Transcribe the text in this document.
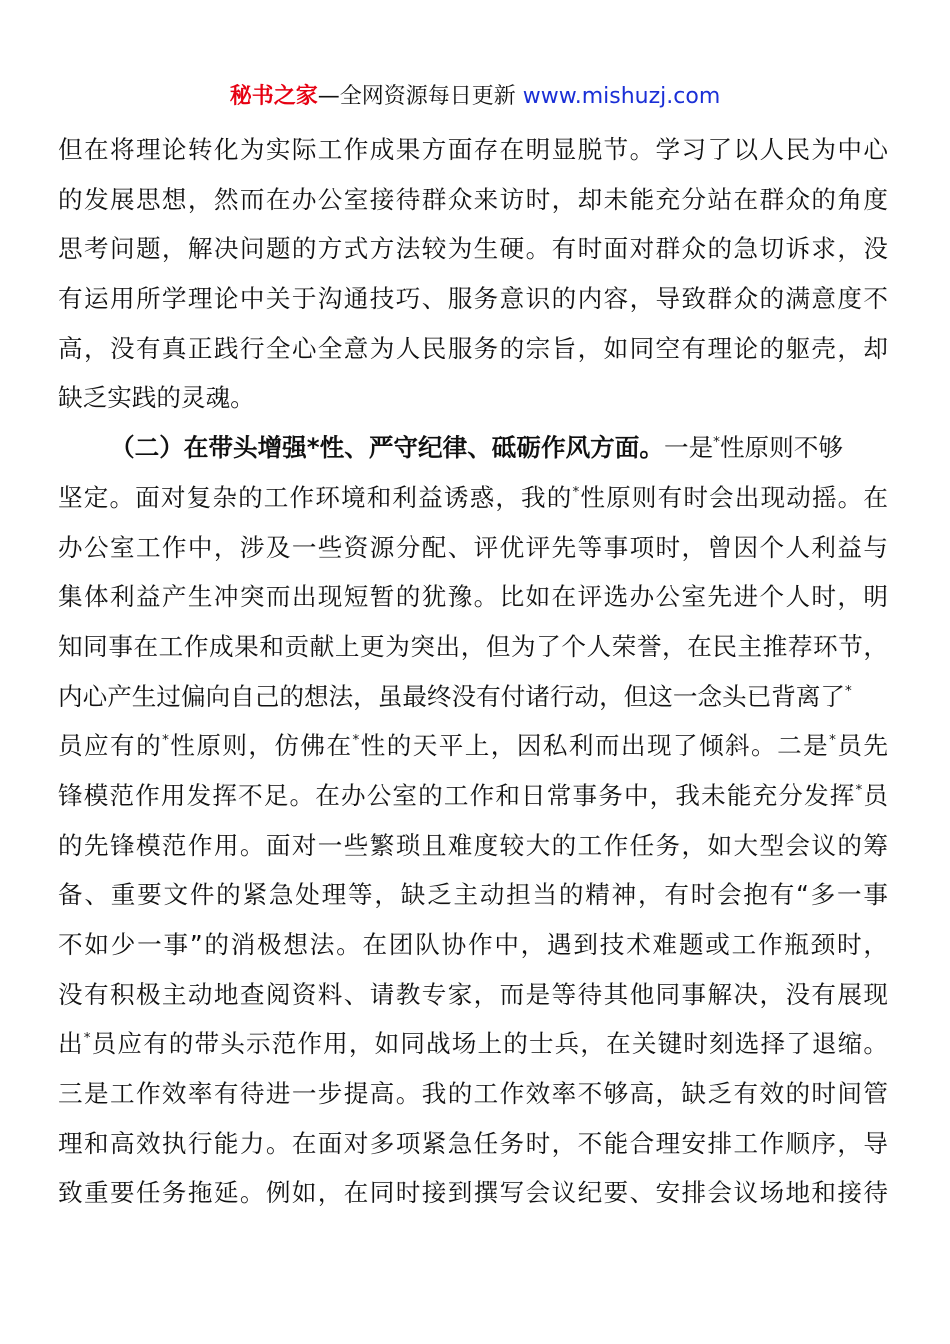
秘书之家—全网资源每日更新 www.mishuzj.com
但在将理论转化为实际工作成果方面存在明显脱节。学习了以人民为中心
的发展思想，然而在办公室接待群众来访时，却未能充分站在群众的角度
思考问题，解决问题的方式方法较为生硬。有时面对群众的急切诉求，没
有运用所学理论中关于沟通技巧、服务意识的内容，导致群众的满意度不
高，没有真正践行全心全意为人民服务的宗旨，如同空有理论的躯壳，却
缺乏实践的灵魂。
（二）在带头增强*性、严守纪律、砥砺作风方面。一是*性原则不够
坚定。面对复杂的工作环境和利益诱惑，我的*性原则有时会出现动摇。在
办公室工作中，涉及一些资源分配、评优评先等事项时，曾因个人利益与
集体利益产生冲突而出现短暂的犹豫。比如在评选办公室先进个人时，明
知同事在工作成果和贡献上更为突出，但为了个人荣誉，在民主推荐环节，
内心产生过偏向自己的想法，虽最终没有付诸行动，但这一念头已背离了*
员应有的*性原则，仿佛在*性的天平上，因私利而出现了倾斜。二是*员先
锋模范作用发挥不足。在办公室的工作和日常事务中，我未能充分发挥*员
的先锋模范作用。面对一些繁琐且难度较大的工作任务，如大型会议的筹
备、重要文件的紧急处理等，缺乏主动担当的精神，有时会抱有“多一事
不如少一事”的消极想法。在团队协作中，遇到技术难题或工作瓶颈时，
没有积极主动地查阅资料、请教专家，而是等待其他同事解决，没有展现
出*员应有的带头示范作用，如同战场上的士兵，在关键时刻选择了退缩。
三是工作效率有待进一步提高。我的工作效率不够高，缺乏有效的时间管
理和高效执行能力。在面对多项紧急任务时，不能合理安排工作顺序，导
致重要任务拖延。例如，在同时接到撰写会议纪要、安排会议场地和接待
